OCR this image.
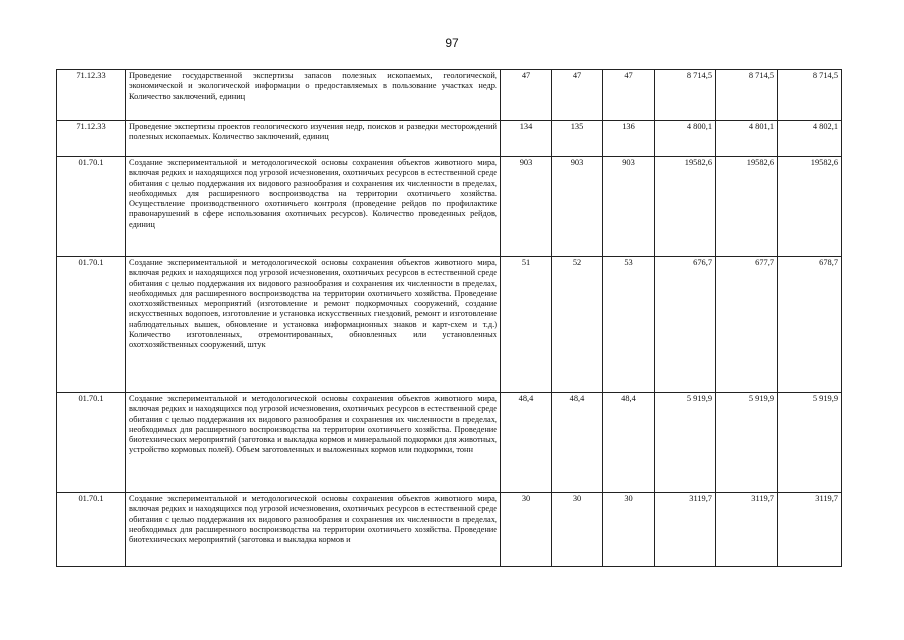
97
71.12.33	Проведение государственной экспертизы запасов полезных ископаемых, геологической, экономической и экологической информации о предоставляемых в пользование участках недр. Количество заключений, единиц	47	47	47	8 714,5	8 714,5	8 714,5
71.12.33	Проведение экспертизы проектов геологического изучения недр, поисков и разведки месторождений полезных ископаемых. Количество заключений, единиц	134	135	136	4 800,1	4 801,1	4 802,1
01.70.1	Создание экспериментальной и методологической основы сохранения объектов животного мира, включая редких и находящихся под угрозой исчезновения, охотничьих ресурсов в естественной среде обитания с целью поддержания их видового разнообразия и сохранения их численности в пределах, необходимых для расширенного воспроизводства на территории охотничьего хозяйства. Осуществление производственного охотничьего контроля (проведение рейдов по профилактике правонарушений в сфере использования охотничьих ресурсов). Количество проведенных рейдов, единиц	903	903	903	19582,6	19582,6	19582,6
01.70.1	Создание экспериментальной и методологической основы сохранения объектов животного мира, включая редких и находящихся под угрозой исчезновения, охотничьих ресурсов в естественной среде обитания с целью поддержания их видового разнообразия и сохранения их численности в пределах, необходимых для расширенного воспроизводства на территории охотничьего хозяйства. Проведение охотхозяйственных мероприятий (изготовление и ремонт подкормочных сооружений, создание искусственных водопоев, изготовление и установка искусственных гнездовий, ремонт и изготовление наблюдательных вышек, обновление и установка информационных знаков и карт-схем и т.д.) Количество изготовленных, отремонтированных, обновленных или установленных охотхозяйственных сооружений, штук	51	52	53	676,7	677,7	678,7
01.70.1	Создание экспериментальной и методологической основы сохранения объектов животного мира, включая редких и находящихся под угрозой исчезновения, охотничьих ресурсов в естественной среде обитания с целью поддержания их видового разнообразия и сохранения их численности в пределах, необходимых для расширенного воспроизводства на территории охотничьего хозяйства. Проведение биотехнических мероприятий (заготовка и выкладка кормов и минеральной подкормки для животных, устройство кормовых полей). Объем заготовленных и выложенных кормов или подкормки, тонн	48,4	48,4	48,4	5 919,9	5 919,9	5 919,9
01.70.1	Создание экспериментальной и методологической основы сохранения объектов животного мира, включая редких и находящихся под угрозой исчезновения, охотничьих ресурсов в естественной среде обитания с целью поддержания их видового разнообразия и сохранения их численности в пределах, необходимых для расширенного воспроизводства на территории охотничьего хозяйства. Проведение биотехнических мероприятий (заготовка и выкладка кормов и	30	30	30	3119,7	3119,7	3119,7
